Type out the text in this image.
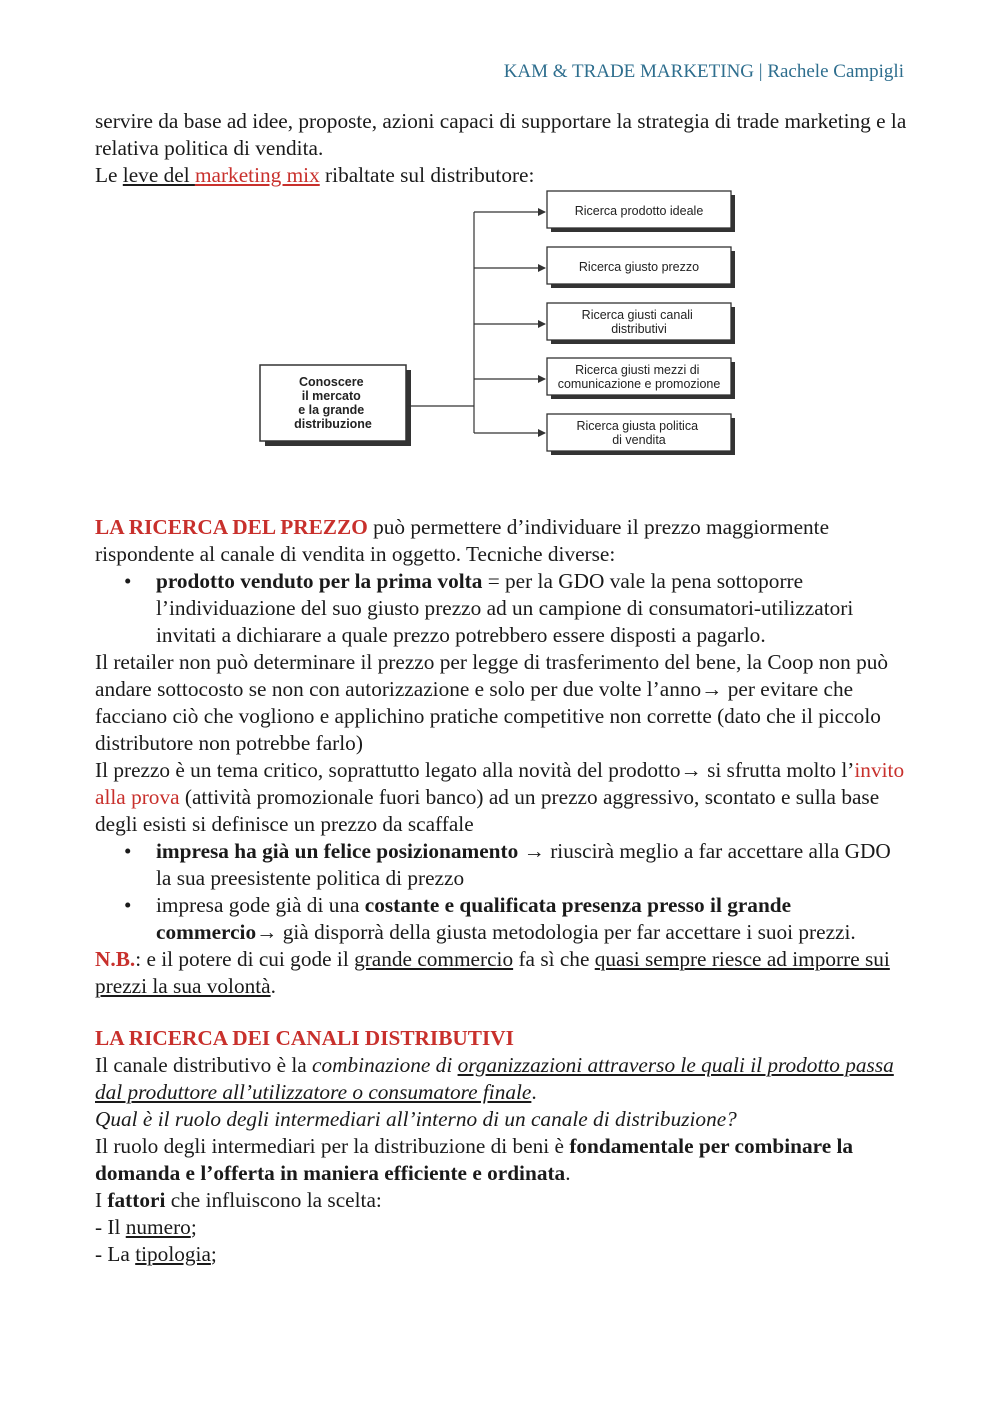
KAM & TRADE MARKETING | Rachele Campigli

servire da base ad idee, proposte, azioni capaci di supportare la strategia di trade marketing e la relativa politica di vendita.

Le leve del marketing mix ribaltate sul distributore:

Conoscere il mercato e la grande distribuzione
Ricerca prodotto ideale
Ricerca giusto prezzo
Ricerca giusti canali distributivi
Ricerca giusti mezzi di comunicazione e promozione
Ricerca giusta politica di vendita

LA RICERCA DEL PREZZO può permettere d’individuare il prezzo maggiormente rispondente al canale di vendita in oggetto. Tecniche diverse:

• prodotto venduto per la prima volta = per la GDO vale la pena sottoporre l’individuazione del suo giusto prezzo ad un campione di consumatori-utilizzatori invitati a dichiarare a quale prezzo potrebbero essere disposti a pagarlo.

Il retailer non può determinare il prezzo per legge di trasferimento del bene, la Coop non può andare sottocosto se non con autorizzazione e solo per due volte l’anno→ per evitare che facciano ciò che vogliono e applichino pratiche competitive non corrette (dato che il piccolo distributore non potrebbe farlo)

Il prezzo è un tema critico, soprattutto legato alla novità del prodotto→ si sfrutta molto l’invito alla prova (attività promozionale fuori banco) ad un prezzo aggressivo, scontato e sulla base degli esisti si definisce un prezzo da scaffale

• impresa ha già un felice posizionamento → riuscirà meglio a far accettare alla GDO la sua preesistente politica di prezzo
• impresa gode già di una costante e qualificata presenza presso il grande commercio→ già disporrà della giusta metodologia per far accettare i suoi prezzi.

N.B.: e il potere di cui gode il grande commercio fa sì che quasi sempre riesce ad imporre sui prezzi la sua volontà.

LA RICERCA DEI CANALI DISTRIBUTIVI

Il canale distributivo è la combinazione di organizzazioni attraverso le quali il prodotto passa dal produttore all’utilizzatore o consumatore finale.

Qual è il ruolo degli intermediari all’interno di un canale di distribuzione?

Il ruolo degli intermediari per la distribuzione di beni è fondamentale per combinare la domanda e l’offerta in maniera efficiente e ordinata.

I fattori che influiscono la scelta:

- Il numero;

- La tipologia;
